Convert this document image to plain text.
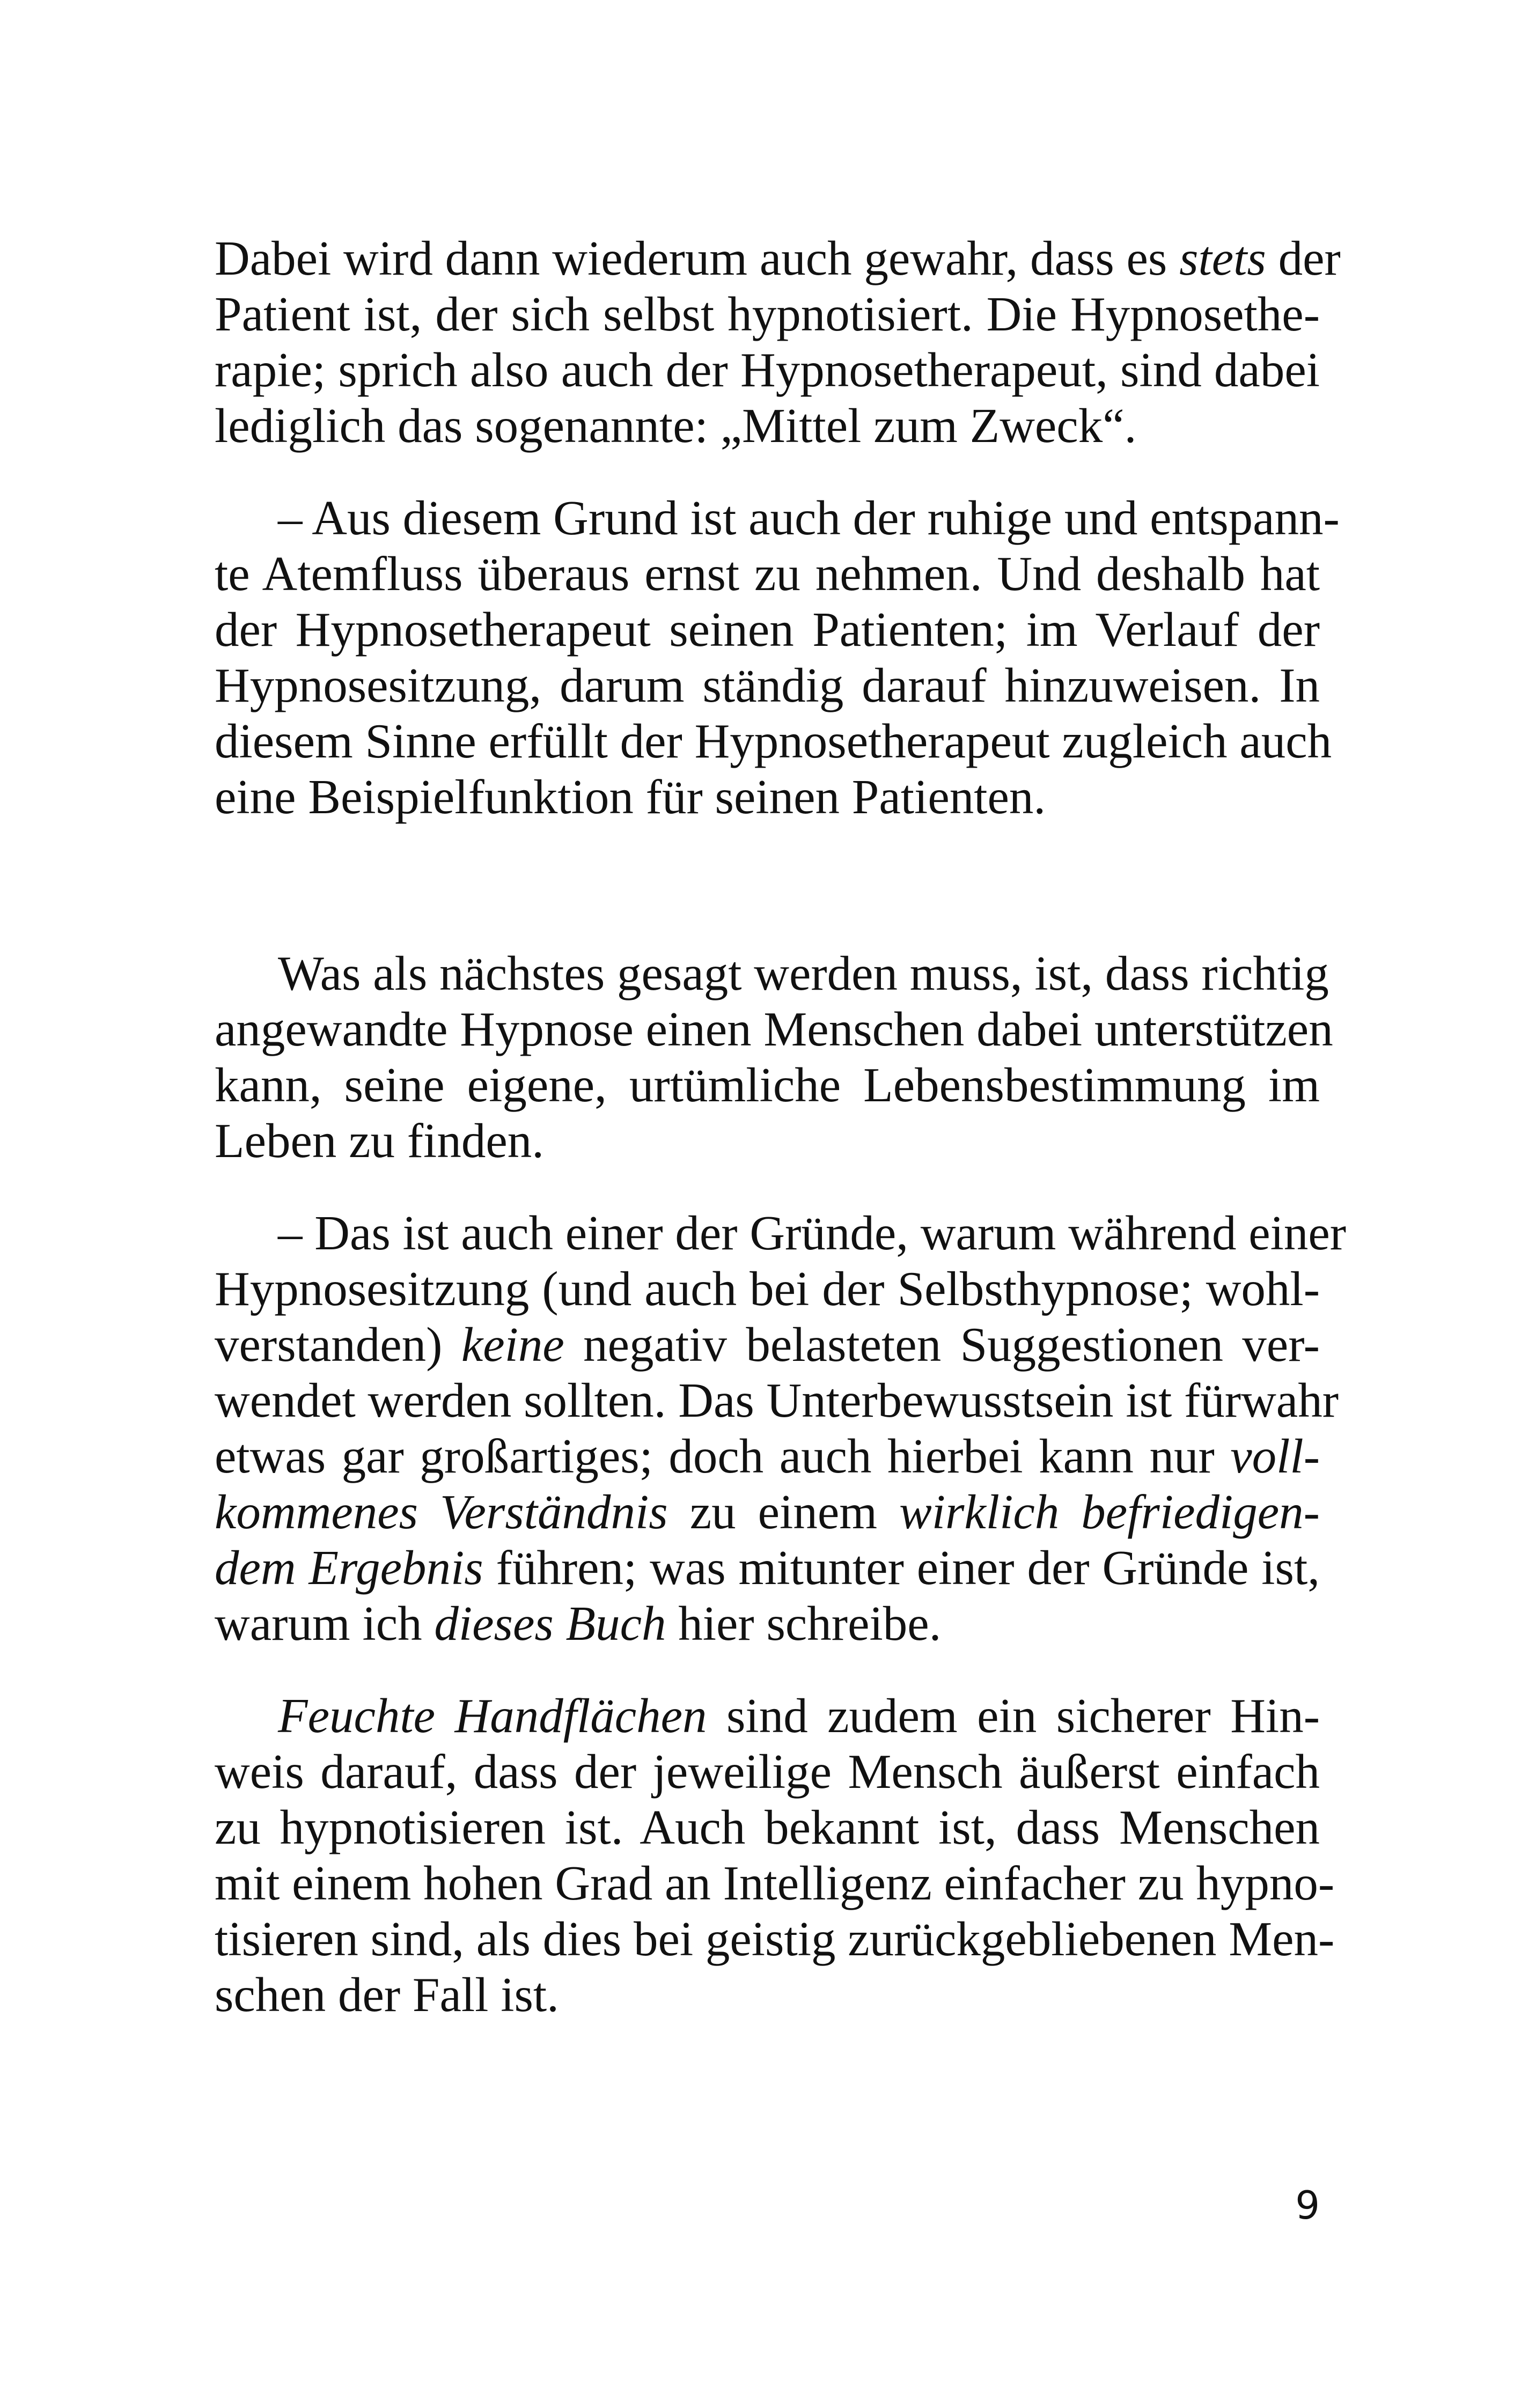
Dabei wird dann wiederum auch gewahr, dass es stets der
Patient ist, der sich selbst hypnotisiert. Die Hypnosethe-
rapie; sprich also auch der Hypnosetherapeut, sind dabei
lediglich das sogenannte: „Mittel zum Zweck“.

– Aus diesem Grund ist auch der ruhige und entspann-
te Atemfluss überaus ernst zu nehmen. Und deshalb hat
der Hypnosetherapeut seinen Patienten; im Verlauf der
Hypnosesitzung, darum ständig darauf hinzuweisen. In
diesem Sinne erfüllt der Hypnosetherapeut zugleich auch
eine Beispielfunktion für seinen Patienten.

Was als nächstes gesagt werden muss, ist, dass richtig
angewandte Hypnose einen Menschen dabei unterstützen
kann, seine eigene, urtümliche Lebensbestimmung im
Leben zu finden.

– Das ist auch einer der Gründe, warum während einer
Hypnosesitzung (und auch bei der Selbsthypnose; wohl-
verstanden) keine negativ belasteten Suggestionen ver-
wendet werden sollten. Das Unterbewusstsein ist fürwahr
etwas gar großartiges; doch auch hierbei kann nur voll-
kommenes Verständnis zu einem wirklich befriedigen-
dem Ergebnis führen; was mitunter einer der Gründe ist,
warum ich dieses Buch hier schreibe.

Feuchte Handflächen sind zudem ein sicherer Hin-
weis darauf, dass der jeweilige Mensch äußerst einfach
zu hypnotisieren ist. Auch bekannt ist, dass Menschen
mit einem hohen Grad an Intelligenz einfacher zu hypno-
tisieren sind, als dies bei geistig zurückgebliebenen Men-
schen der Fall ist.

9
